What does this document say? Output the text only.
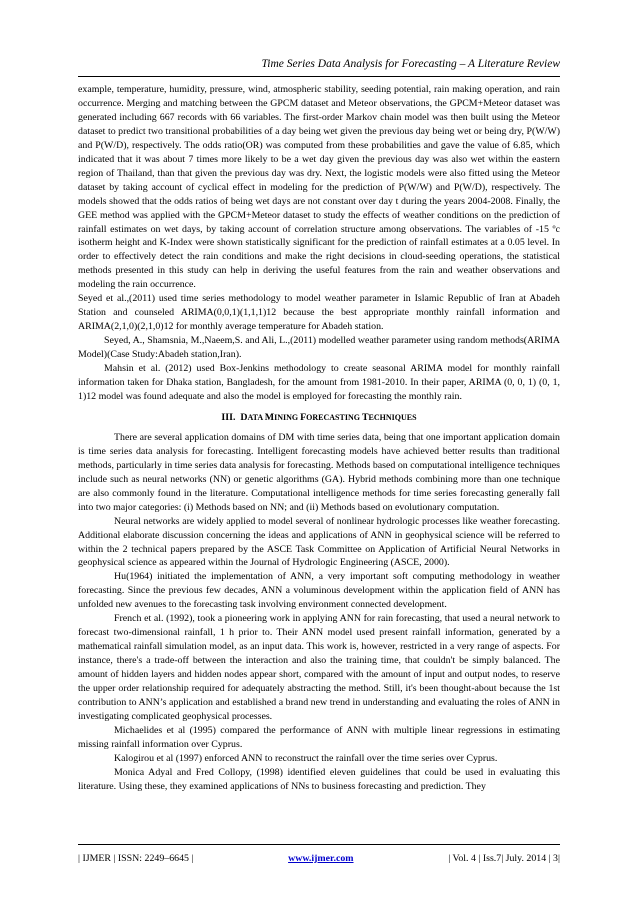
Time Series Data Analysis for Forecasting – A Literature Review

example, temperature, humidity, pressure, wind, atmospheric stability, seeding potential, rain making operation, and rain occurrence. Merging and matching between the GPCM dataset and Meteor observations, the GPCM+Meteor dataset was generated including 667 records with 66 variables. The first-order Markov chain model was then built using the Meteor dataset to predict two transitional probabilities of a day being wet given the previous day being wet or being dry, P(W/W) and P(W/D), respectively. The odds ratio(OR) was computed from these probabilities and gave the value of 6.85, which indicated that it was about 7 times more likely to be a wet day given the previous day was also wet within the eastern region of Thailand, than that given the previous day was dry. Next, the logistic models were also fitted using the Meteor dataset by taking account of cyclical effect in modeling for the prediction of P(W/W) and P(W/D), respectively. The models showed that the odds ratios of being wet days are not constant over day t during the years 2004-2008. Finally, the GEE method was applied with the GPCM+Meteor dataset to study the effects of weather conditions on the prediction of rainfall estimates on wet days, by taking account of correlation structure among observations. The variables of -15 ºc isotherm height and K-Index were shown statistically significant for the prediction of rainfall estimates at a 0.05 level. In order to effectively detect the rain conditions and make the right decisions in cloud-seeding operations, the statistical methods presented in this study can help in deriving the useful features from the rain and weather observations and modeling the rain occurrence.

Seyed et al.,(2011) used time series methodology to model weather parameter in Islamic Republic of Iran at Abadeh Station and counseled ARIMA(0,0,1)(1,1,1)12 because the best appropriate monthly rainfall information and ARIMA(2,1,0)(2,1,0)12 for monthly average temperature for Abadeh station.

Seyed, A., Shamsnia, M.,Naeem,S. and Ali, L.,(2011) modelled weather parameter using random methods(ARIMA Model)(Case Study:Abadeh station,Iran).

Mahsin et al. (2012) used Box-Jenkins methodology to create seasonal ARIMA model for monthly rainfall information taken for Dhaka station, Bangladesh, for the amount from 1981-2010. In their paper, ARIMA (0, 0, 1) (0, 1, 1)12 model was found adequate and also the model is employed for forecasting the monthly rain.

III. DATA MINING FORECASTING TECHNIQUES

There are several application domains of DM with time series data, being that one important application domain is time series data analysis for forecasting. Intelligent forecasting models have achieved better results than traditional methods, particularly in time series data analysis for forecasting. Methods based on computational intelligence techniques include such as neural networks (NN) or genetic algorithms (GA). Hybrid methods combining more than one technique are also commonly found in the literature. Computational intelligence methods for time series forecasting generally fall into two major categories: (i) Methods based on NN; and (ii) Methods based on evolutionary computation.

Neural networks are widely applied to model several of nonlinear hydrologic processes like weather forecasting. Additional elaborate discussion concerning the ideas and applications of ANN in geophysical science will be referred to within the 2 technical papers prepared by the ASCE Task Committee on Application of Artificial Neural Networks in geophysical science as appeared within the Journal of Hydrologic Engineering (ASCE, 2000).

Hu(1964) initiated the implementation of ANN, a very important soft computing methodology in weather forecasting. Since the previous few decades, ANN a voluminous development within the application field of ANN has unfolded new avenues to the forecasting task involving environment connected development.

French et al. (1992), took a pioneering work in applying ANN for rain forecasting, that used a neural network to forecast two-dimensional rainfall, 1 h prior to. Their ANN model used present rainfall information, generated by a mathematical rainfall simulation model, as an input data. This work is, however, restricted in a very range of aspects. For instance, there's a trade-off between the interaction and also the training time, that couldn't be simply balanced. The amount of hidden layers and hidden nodes appear short, compared with the amount of input and output nodes, to reserve the upper order relationship required for adequately abstracting the method. Still, it's been thought-about because the 1st contribution to ANN’s application and established a brand new trend in understanding and evaluating the roles of ANN in investigating complicated geophysical processes.

Michaelides et al (1995) compared the performance of ANN with multiple linear regressions in estimating missing rainfall information over Cyprus.

Kalogirou et al (1997) enforced ANN to reconstruct the rainfall over the time series over Cyprus.

Monica Adyal and Fred Collopy, (1998) identified eleven guidelines that could be used in evaluating this literature. Using these, they examined applications of NNs to business forecasting and prediction. They

| IJMER | ISSN: 2249–6645 |	www.ijmer.com	| Vol. 4 | Iss.7| July. 2014 | 3|
